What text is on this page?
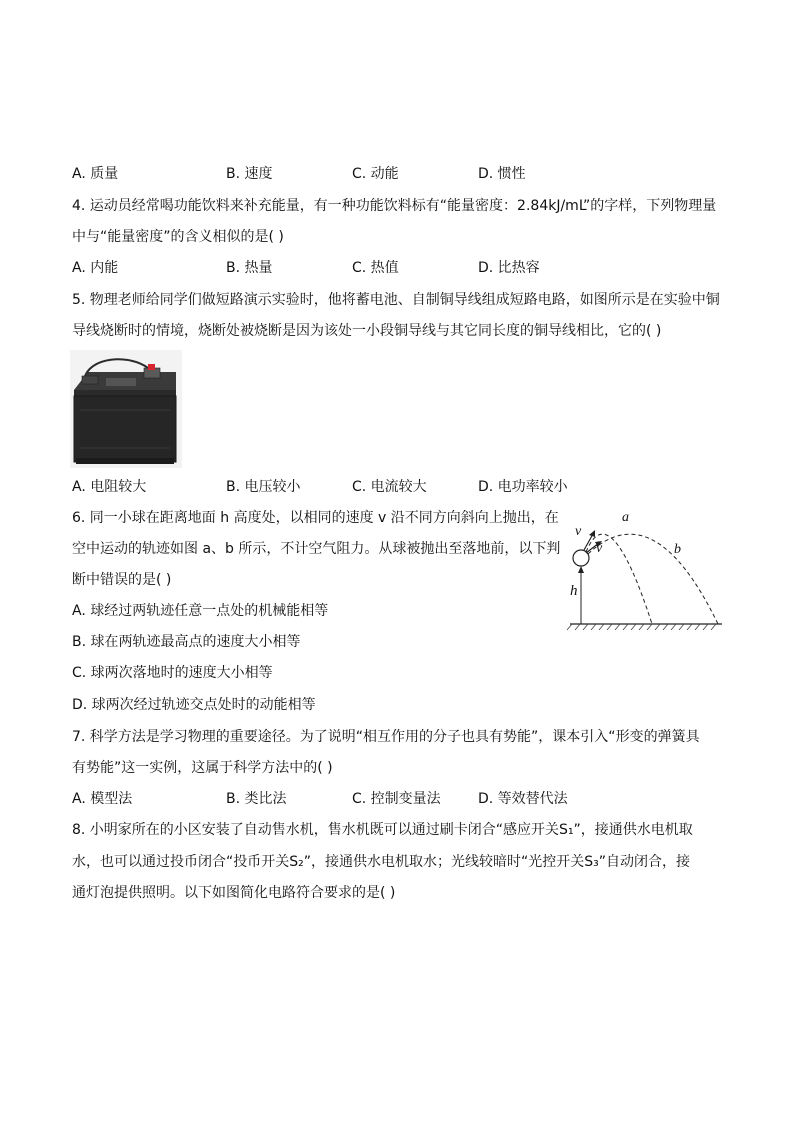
A. 质量	B. 速度	C. 动能	D. 惯性
4. 运动员经常喝功能饮料来补充能量，有一种功能饮料标有“能量密度：2.84kJ/mL”的字样，下列物理量
中与“能量密度”的含义相似的是( )
A. 内能	B. 热量	C. 热值	D. 比热容
5. 物理老师给同学们做短路演示实验时，他将蓄电池、自制铜导线组成短路电路，如图所示是在实验中铜
导线烧断时的情境，烧断处被烧断是因为该处一小段铜导线与其它同长度的铜导线相比，它的( )
A. 电阻较大	B. 电压较小	C. 电流较大	D. 电功率较小
6. 同一小球在距离地面 h 高度处，以相同的速度 v 沿不同方向斜向上抛出，在
空中运动的轨迹如图 a、b 所示，不计空气阻力。从球被抛出至落地前，以下判
断中错误的是( )
A. 球经过两轨迹任意一点处的机械能相等
B. 球在两轨迹最高点的速度大小相等
C. 球两次落地时的速度大小相等
D. 球两次经过轨迹交点处时的动能相等
v
v
a
b
h
7. 科学方法是学习物理的重要途径。为了说明“相互作用的分子也具有势能”，课本引入“形变的弹簧具
有势能”这一实例，这属于科学方法中的( )
A. 模型法	B. 类比法	C. 控制变量法	D. 等效替代法
8. 小明家所在的小区安装了自动售水机，售水机既可以通过刷卡闭合“感应开关S₁”，接通供水电机取
水，也可以通过投币闭合“投币开关S₂”，接通供水电机取水；光线较暗时“光控开关S₃”自动闭合，接
通灯泡提供照明。以下如图简化电路符合要求的是( )
